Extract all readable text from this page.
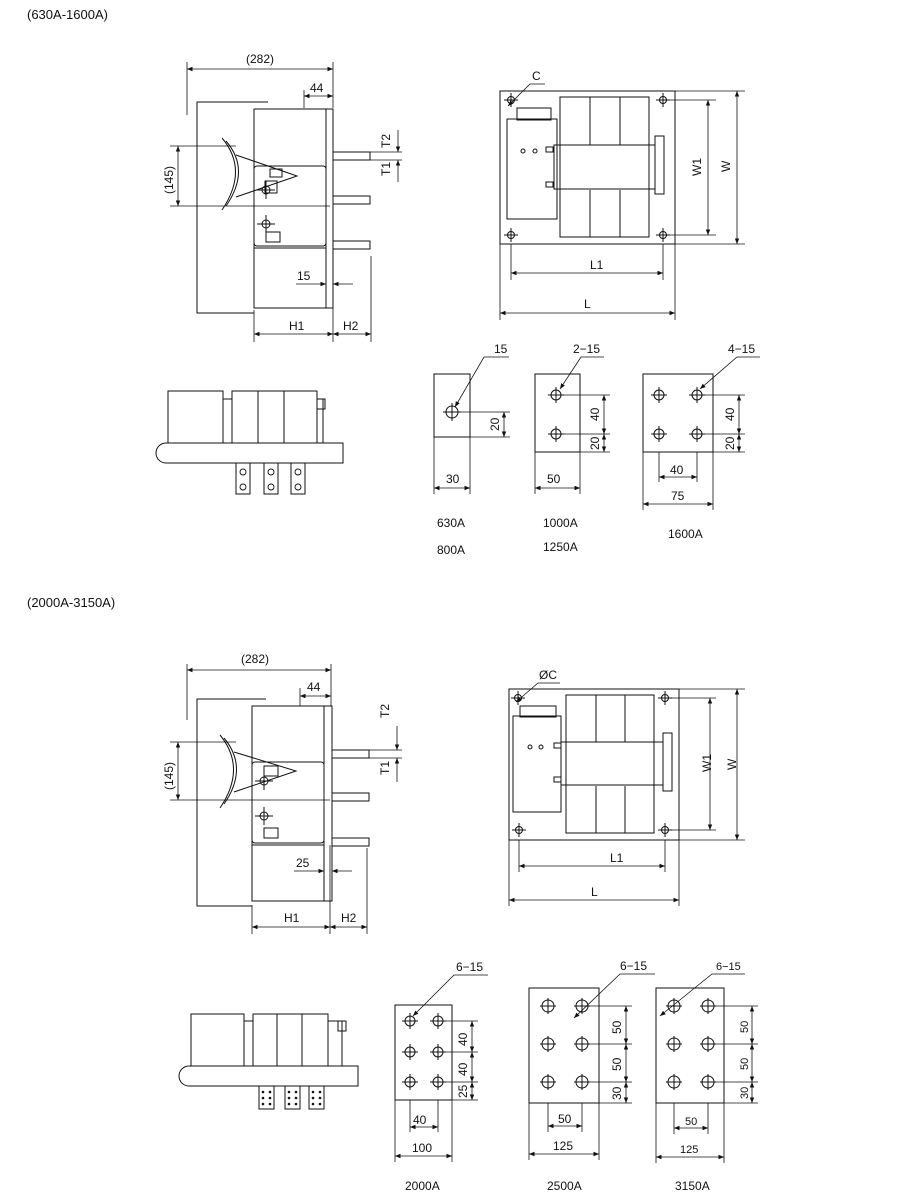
(630A-1600A)
(2000A-3150A)
(282)
44
(145)
T2
T1
15
H1	H2
C
W1 W
L1
L
15
20
30
630A
800A
2−15
40
20
50
1000A
1250A
4−15
40
20
40
75
1600A
(282)
44
(145)
T2
T1
25
H1	H2
ØC
W1 W
L1
L
6−15
40
40
25
40
100
2000A
6−15
50
50
30
50
125
2500A
6−15
50
50
30
50
125
3150A
